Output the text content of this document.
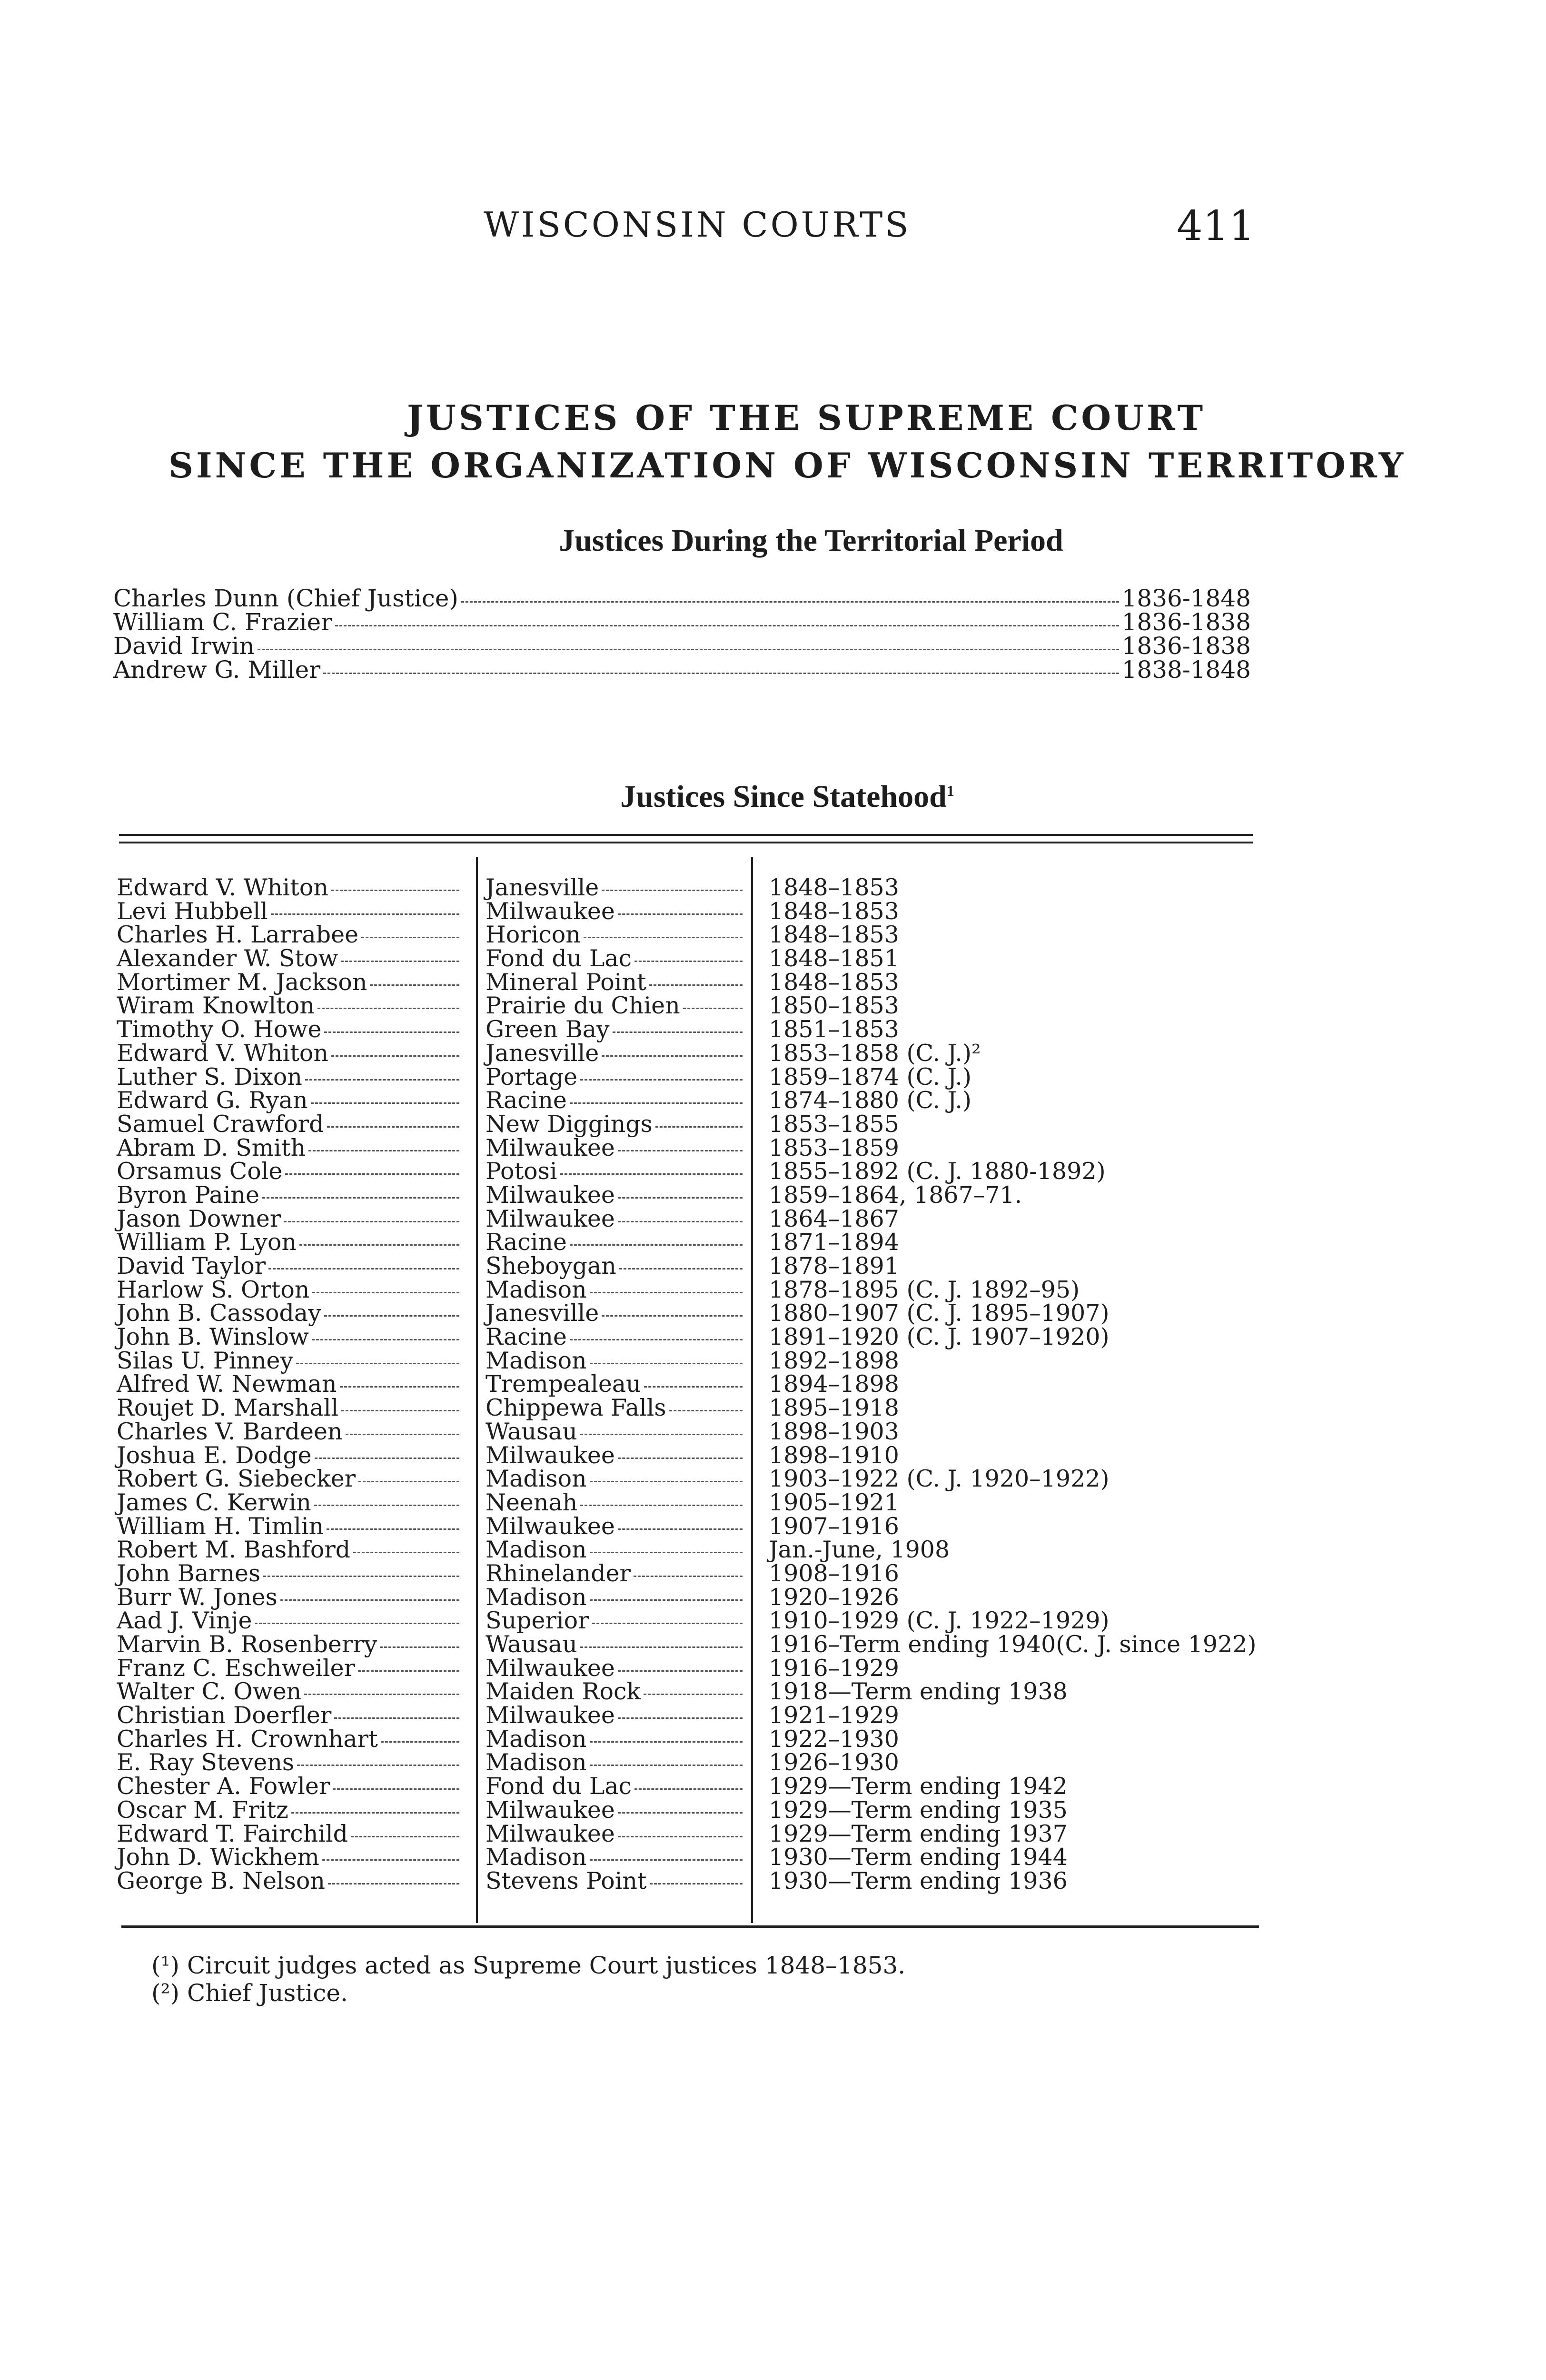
WISCONSIN COURTS	411
JUSTICES OF THE SUPREME COURT
SINCE THE ORGANIZATION OF WISCONSIN TERRITORY
Justices During the Territorial Period
Charles Dunn (Chief Justice)	1836-1848
William C. Frazier	1836-1838
David Irwin	1836-1838
Andrew G. Miller	1838-1848
Justices Since Statehood$^1$
Edward V. Whiton	Janesville	1848–1853
Levi Hubbell	Milwaukee	1848–1853
Charles H. Larrabee	Horicon	1848–1853
Alexander W. Stow	Fond du Lac	1848–1851
Mortimer M. Jackson	Mineral Point	1848–1853
Wiram Knowlton	Prairie du Chien	1850–1853
Timothy O. Howe	Green Bay	1851–1853
Edward V. Whiton	Janesville	1853–1858 (C. J.)²
Luther S. Dixon	Portage	1859–1874 (C. J.)
Edward G. Ryan	Racine	1874–1880 (C. J.)
Samuel Crawford	New Diggings	1853–1855
Abram D. Smith	Milwaukee	1853–1859
Orsamus Cole	Potosi	1855–1892 (C. J. 1880-1892)
Byron Paine	Milwaukee	1859–1864, 1867–71.
Jason Downer	Milwaukee	1864–1867
William P. Lyon	Racine	1871–1894
David Taylor	Sheboygan	1878–1891
Harlow S. Orton	Madison	1878–1895 (C. J. 1892–95)
John B. Cassoday	Janesville	1880–1907 (C. J. 1895–1907)
John B. Winslow	Racine	1891–1920 (C. J. 1907–1920)
Silas U. Pinney	Madison	1892–1898
Alfred W. Newman	Trempealeau	1894–1898
Roujet D. Marshall	Chippewa Falls	1895–1918
Charles V. Bardeen	Wausau	1898–1903
Joshua E. Dodge	Milwaukee	1898–1910
Robert G. Siebecker	Madison	1903–1922 (C. J. 1920–1922)
James C. Kerwin	Neenah	1905–1921
William H. Timlin	Milwaukee	1907–1916
Robert M. Bashford	Madison	Jan.-June, 1908
John Barnes	Rhinelander	1908–1916
Burr W. Jones	Madison	1920–1926
Aad J. Vinje	Superior	1910–1929 (C. J. 1922–1929)
Marvin B. Rosenberry	Wausau	1916–Term ending 1940(C. J. since 1922)
Franz C. Eschweiler	Milwaukee	1916–1929
Walter C. Owen	Maiden Rock	1918—Term ending 1938
Christian Doerfler	Milwaukee	1921–1929
Charles H. Crownhart	Madison	1922–1930
E. Ray Stevens	Madison	1926–1930
Chester A. Fowler	Fond du Lac	1929—Term ending 1942
Oscar M. Fritz	Milwaukee	1929—Term ending 1935
Edward T. Fairchild	Milwaukee	1929—Term ending 1937
John D. Wickhem	Madison	1930—Term ending 1944
George B. Nelson	Stevens Point	1930—Term ending 1936
(¹) Circuit judges acted as Supreme Court justices 1848–1853.
(²) Chief Justice.
